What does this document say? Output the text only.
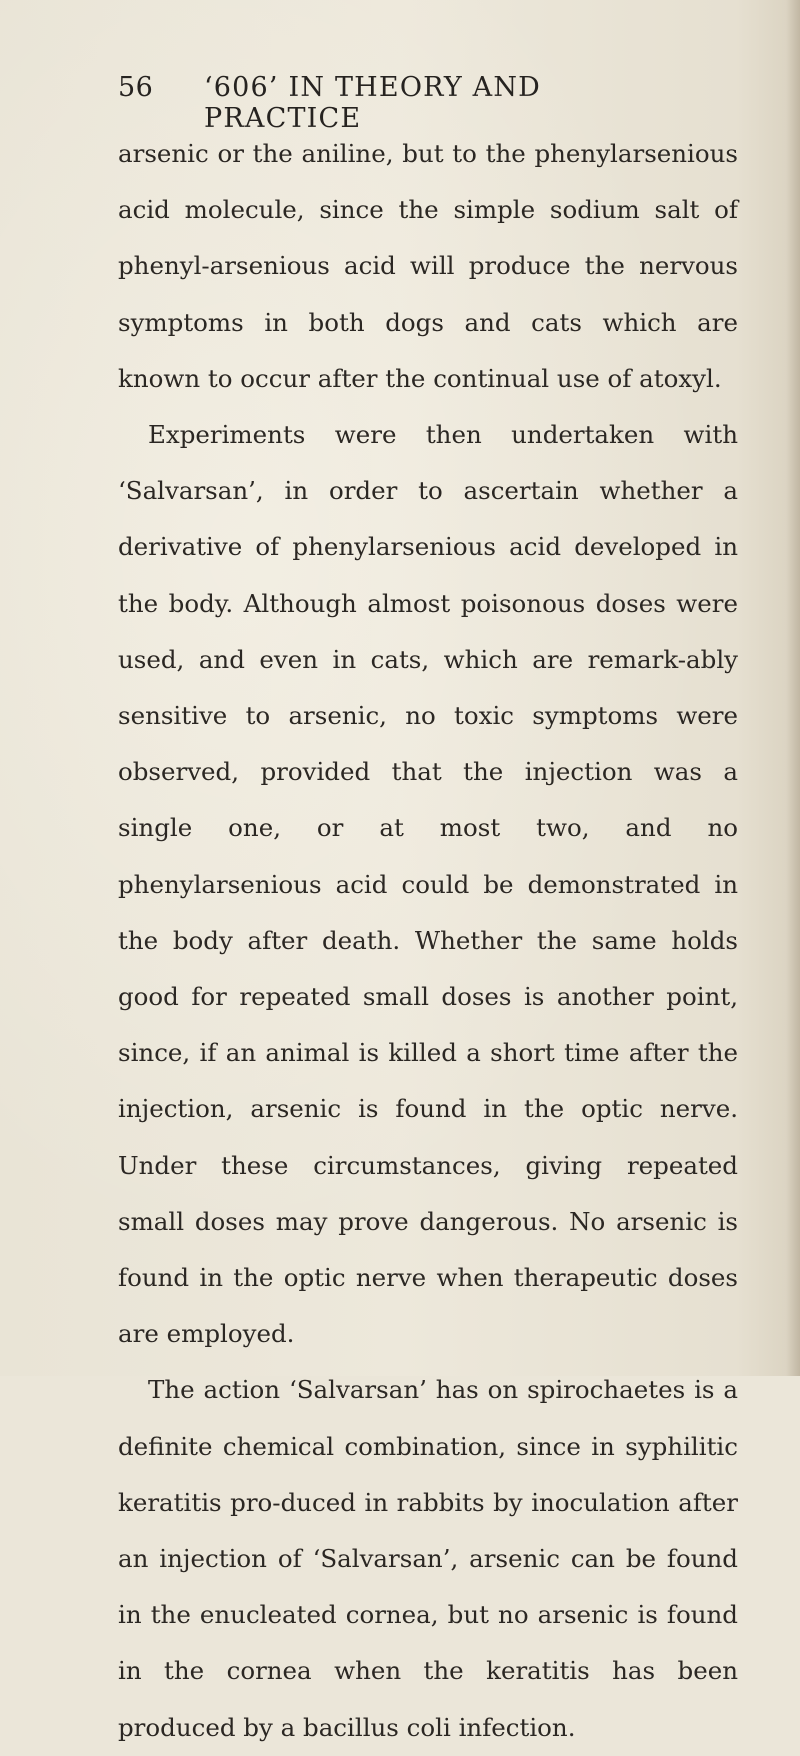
56 ‘606’ IN THEORY AND PRACTICE

arsenic or the aniline, but to the phenylarsenious acid molecule, since the simple sodium salt of phenyl-arsenious acid will produce the nervous symptoms in both dogs and cats which are known to occur after the continual use of atoxyl.

Experiments were then undertaken with ‘Salvarsan’, in order to ascertain whether a derivative of phenylarsenious acid developed in the body. Although almost poisonous doses were used, and even in cats, which are remark-ably sensitive to arsenic, no toxic symptoms were observed, provided that the injection was a single one, or at most two, and no phenylarsenious acid could be demonstrated in the body after death. Whether the same holds good for repeated small doses is another point, since, if an animal is killed a short time after the injection, arsenic is found in the optic nerve. Under these circumstances, giving repeated small doses may prove dangerous. No arsenic is found in the optic nerve when therapeutic doses are employed.

The action ‘Salvarsan’ has on spirochaetes is a definite chemical combination, since in syphilitic keratitis pro-duced in rabbits by inoculation after an injection of ‘Salvarsan’, arsenic can be found in the enucleated cornea, but no arsenic is found in the cornea when the keratitis has been produced by a bacillus coli infection.
